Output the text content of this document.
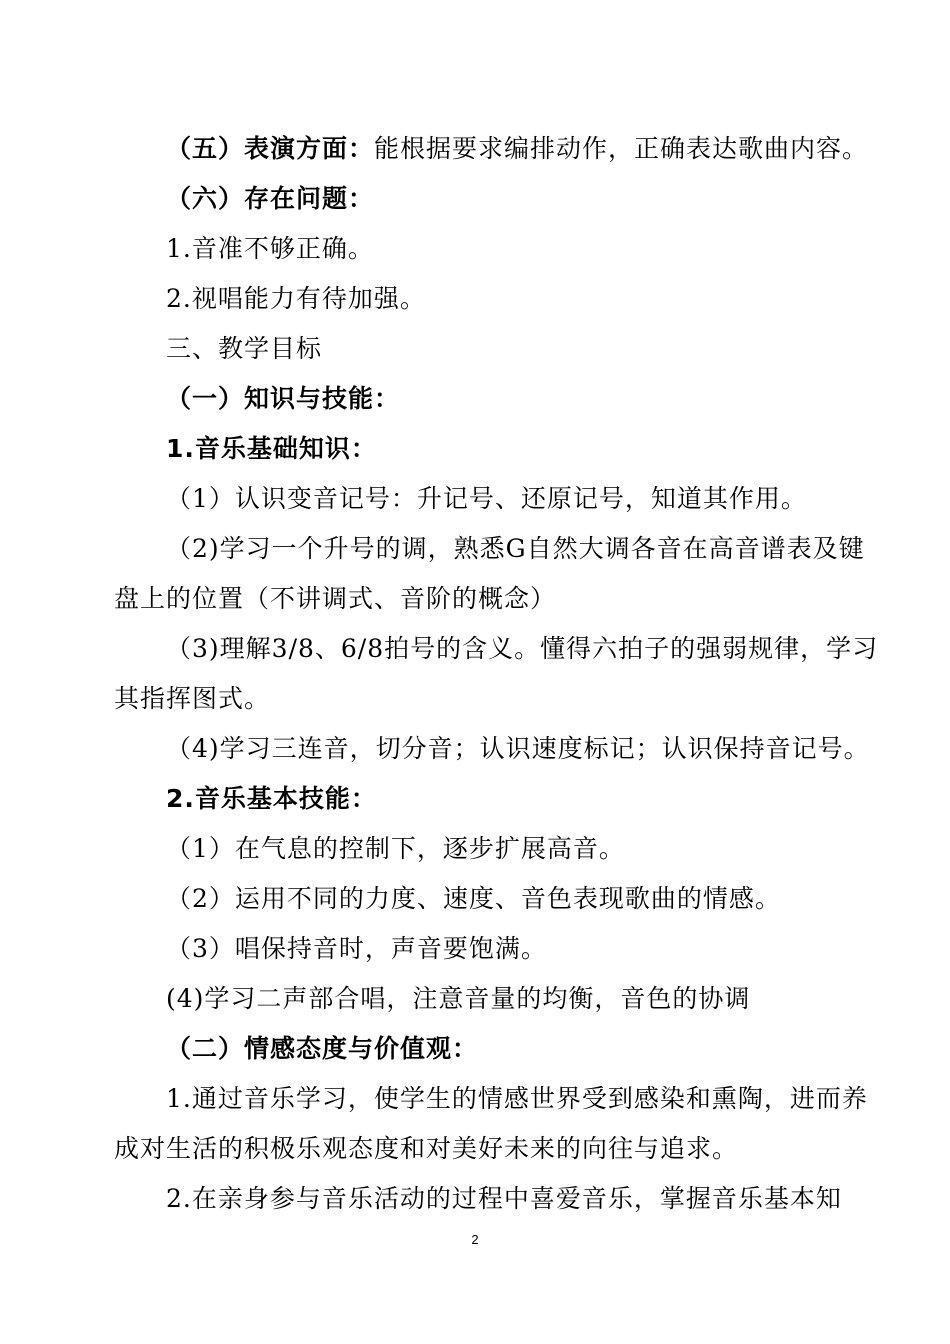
（五）表演方面：能根据要求编排动作，正确表达歌曲内容。
（六）存在问题：
1.音准不够正确。
2.视唱能力有待加强。
三、教学目标
（一）知识与技能：
1.音乐基础知识：
（1）认识变音记号：升记号、还原记号，知道其作用。
（2)学习一个升号的调，熟悉G自然大调各音在高音谱表及键
盘上的位置（不讲调式、音阶的概念）
（3)理解3/8、6/8拍号的含义。懂得六拍子的强弱规律，学习
其指挥图式。
（4)学习三连音，切分音；认识速度标记；认识保持音记号。
2.音乐基本技能：
（1）在气息的控制下，逐步扩展高音。
（2）运用不同的力度、速度、音色表现歌曲的情感。
（3）唱保持音时，声音要饱满。
(4)学习二声部合唱，注意音量的均衡，音色的协调
（二）情感态度与价值观：
1.通过音乐学习，使学生的情感世界受到感染和熏陶，进而养
成对生活的积极乐观态度和对美好未来的向往与追求。
2.在亲身参与音乐活动的过程中喜爱音乐，掌握音乐基本知
2
